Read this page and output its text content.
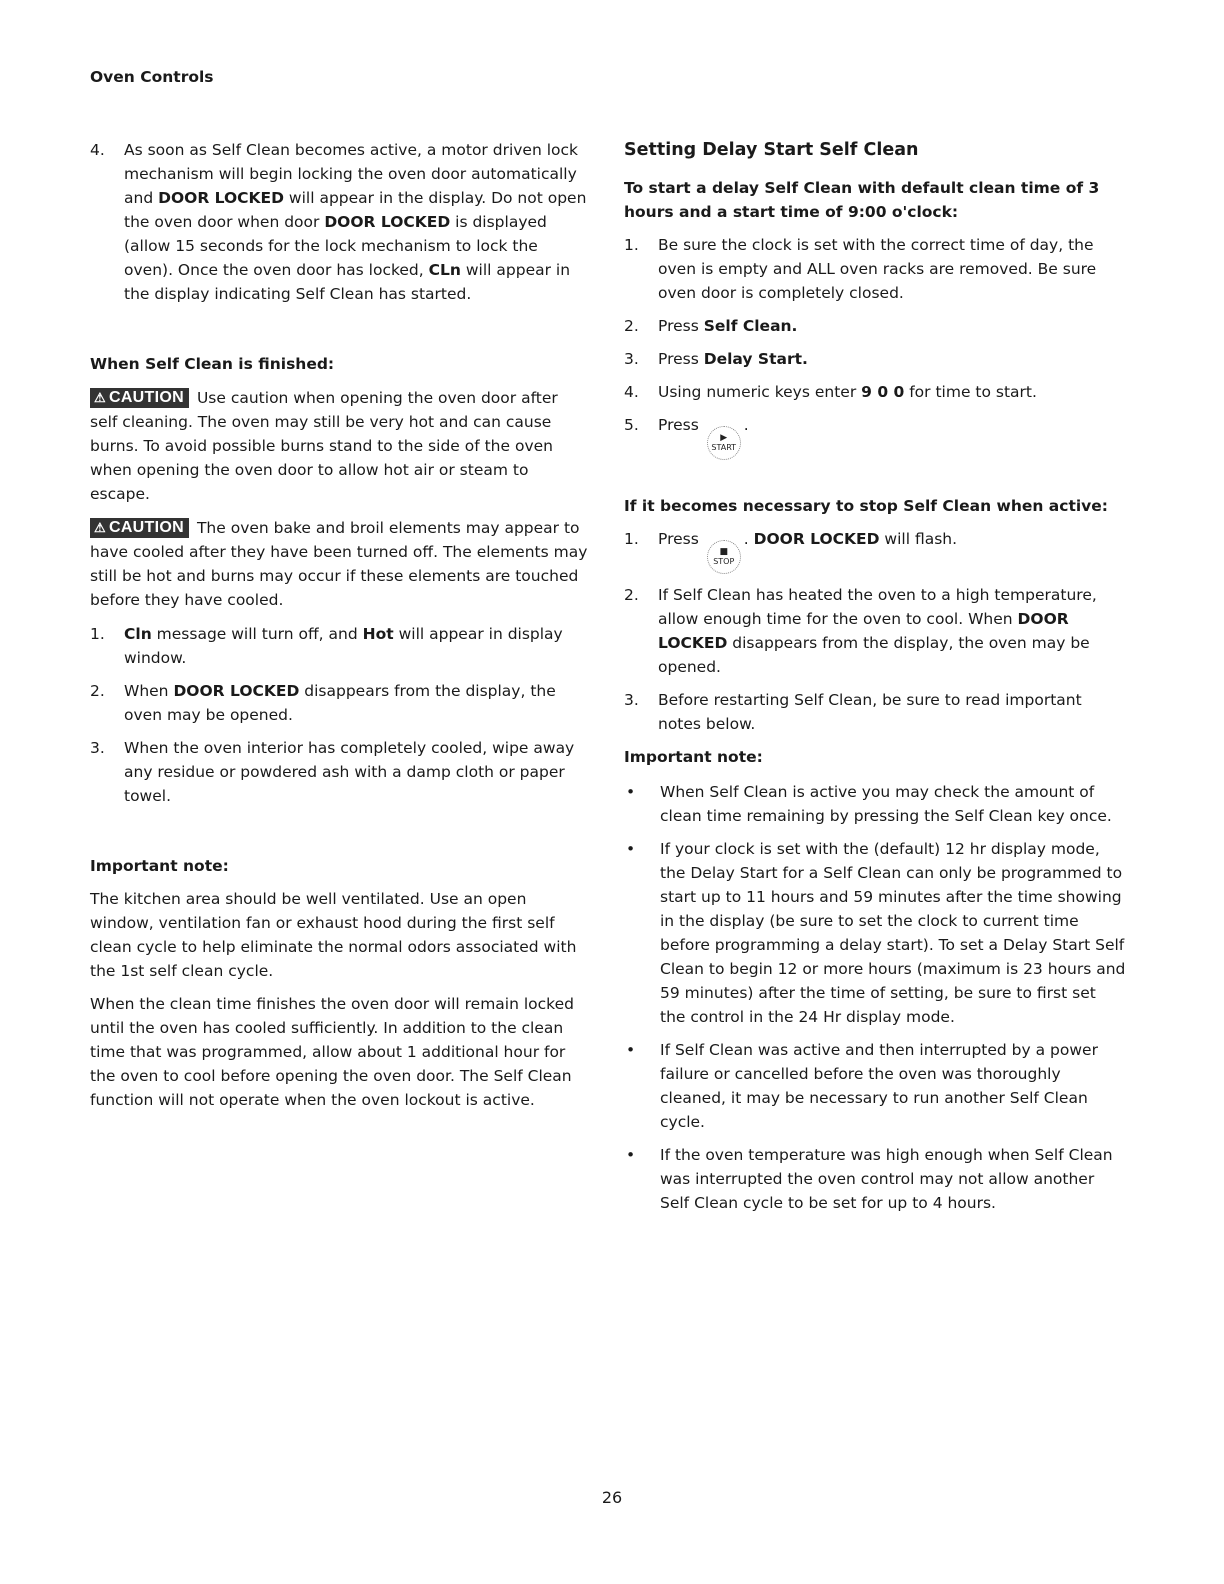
Oven Controls
4.	As soon as Self Clean becomes active, a motor driven lock mechanism will begin locking the oven door automatically and DOOR LOCKED will appear in the display. Do not open the oven door when door DOOR LOCKED is displayed (allow 15 seconds for the lock mechanism to lock the oven). Once the oven door has locked, CLn will appear in the display indicating Self Clean has started.

When Self Clean is finished:

⚠ CAUTION Use caution when opening the oven door after self cleaning. The oven may still be very hot and can cause burns. To avoid possible burns stand to the side of the oven when opening the oven door to allow hot air or steam to escape.

⚠ CAUTION The oven bake and broil elements may appear to have cooled after they have been turned off. The elements may still be hot and burns may occur if these elements are touched before they have cooled.

1.	Cln message will turn off, and Hot will appear in display window.
2.	When DOOR LOCKED disappears from the display, the oven may be opened.
3.	When the oven interior has completely cooled, wipe away any residue or powdered ash with a damp cloth or paper towel.

Important note:

The kitchen area should be well ventilated. Use an open window, ventilation fan or exhaust hood during the first self clean cycle to help eliminate the normal odors associated with the 1st self clean cycle.

When the clean time finishes the oven door will remain locked until the oven has cooled sufficiently. In addition to the clean time that was programmed, allow about 1 additional hour for the oven to cool before opening the oven door. The Self Clean function will not operate when the oven lockout is active.

Setting Delay Start Self Clean

To start a delay Self Clean with default clean time of 3 hours and a start time of 9:00 o'clock:

1.	Be sure the clock is set with the correct time of day, the oven is empty and ALL oven racks are removed. Be sure oven door is completely closed.
2.	Press Self Clean.
3.	Press Delay Start.
4.	Using numeric keys enter 9 0 0 for time to start.
5.	Press
▶
START
.

If it becomes necessary to stop Self Clean when active:

1.	Press
■
STOP
. DOOR LOCKED will flash.
2.	If Self Clean has heated the oven to a high temperature, allow enough time for the oven to cool. When DOOR LOCKED disappears from the display, the oven may be opened.
3.	Before restarting Self Clean, be sure to read important notes below.

Important note:

•	When Self Clean is active you may check the amount of clean time remaining by pressing the Self Clean key once.
•	If your clock is set with the (default) 12 hr display mode, the Delay Start for a Self Clean can only be programmed to start up to 11 hours and 59 minutes after the time showing in the display (be sure to set the clock to current time before programming a delay start). To set a Delay Start Self Clean to begin 12 or more hours (maximum is 23 hours and 59 minutes) after the time of setting, be sure to first set the control in the 24 Hr display mode.
•	If Self Clean was active and then interrupted by a power failure or cancelled before the oven was thoroughly cleaned, it may be necessary to run another Self Clean cycle.
•	If the oven temperature was high enough when Self Clean was interrupted the oven control may not allow another Self Clean cycle to be set for up to 4 hours.
26
